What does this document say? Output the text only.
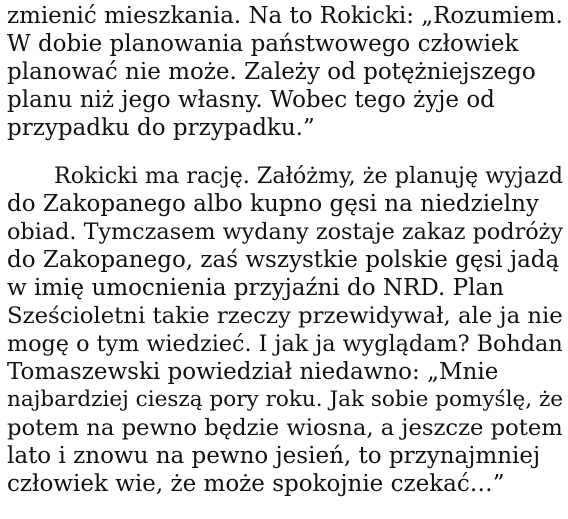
zmienić mieszkania. Na to Rokicki: „Rozumiem.
W dobie planowania państwowego człowiek
planować nie może. Zależy od potężniejszego
planu niż jego własny. Wobec tego żyje od
przypadku do przypadku.”
Rokicki ma rację. Załóżmy, że planuję wyjazd
do Zakopanego albo kupno gęsi na niedzielny
obiad. Tymczasem wydany zostaje zakaz podróży
do Zakopanego, zaś wszystkie polskie gęsi jadą
w imię umocnienia przyjaźni do NRD. Plan
Sześcioletni takie rzeczy przewidywał, ale ja nie
mogę o tym wiedzieć. I jak ja wyglądam? Bohdan
Tomaszewski powiedział niedawno: „Mnie
najbardziej cieszą pory roku. Jak sobie pomyślę, że
potem na pewno będzie wiosna, a jeszcze potem
lato i znowu na pewno jesień, to przynajmniej
człowiek wie, że może spokojnie czekać…”
